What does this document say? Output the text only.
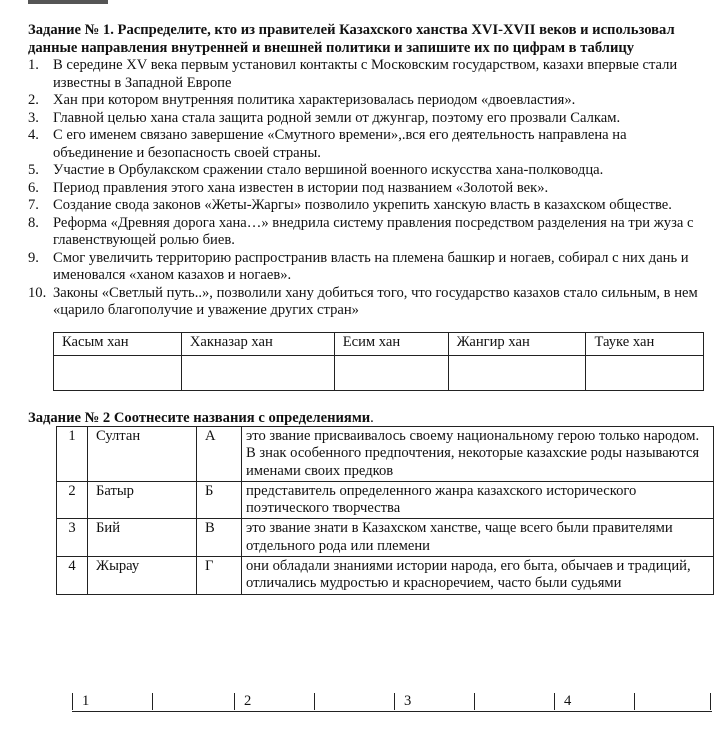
Задание № 1. Распределите, кто из правителей Казахского ханства XVI-XVII веков и использовал данные направления внутренней и внешней политики и запишите их по цифрам в таблицу

1. В середине XV века первым установил контакты с Московским государством, казахи впервые стали известны в Западной Европе
2. Хан при котором внутренняя политика характеризовалась периодом «двоевластия».
3. Главной целью хана стала защита родной земли от джунгар, поэтому его прозвали Салкам.
4. С его именем связано завершение «Смутного времени»,.вся его деятельность направлена на объединение и безопасность своей страны.
5. Участие в Орбулакском сражении стало вершиной военного искусства хана-полководца.
6. Период правления этого хана известен в истории под названием «Золотой век».
7. Создание свода законов «Жеты-Жаргы» позволило укрепить ханскую власть в казахском обществе.
8. Реформа «Древняя дорога хана…» внедрила систему правления посредством разделения на три жуза с главенствующей ролью биев.
9. Смог увеличить территорию распространив власть на племена башкир и ногаев, собирал с них дань и именовался «ханом казахов и ногаев».
10. Законы «Светлый путь..», позволили хану добиться того, что государство казахов стало сильным, в нем «царило благополучие и уважение других стран»
Касым хан	Хакназар хан	Есим хан	Жангир хан	Тауке хан

Задание № 2 Соотнесите названия с определениями.

1	Султан	А	это звание присваивалось своему национальному герою только народом. В знак особенного предпочтения, некоторые казахские роды называются именами своих предков
2	Батыр	Б	представитель определенного жанра казахского исторического поэтического творчества
3	Бий	В	это звание знати в Казахском ханстве, чаще всего были правителями отдельного рода или племени
4	Жырау	Г	они обладали знаниями истории народа, его быта, обычаев и традиций, отличались мудростью и красноречием, часто были судьями
1	2	3	4
